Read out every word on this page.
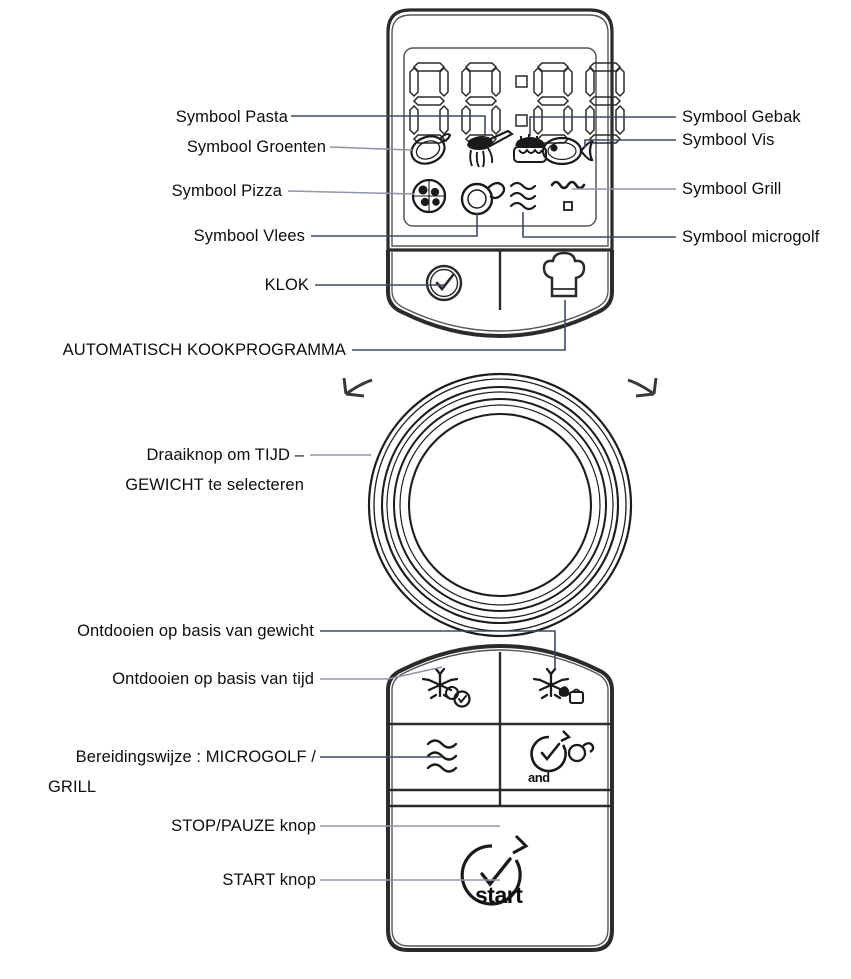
Symbool Pasta
Symbool Groenten
Symbool Pizza
Symbool Vlees
Symbool Gebak
Symbool Vis
Symbool Grill
Symbool microgolf
KLOK
AUTOMATISCH KOOKPROGRAMMA
Draaiknop om TIJD –
GEWICHT te selecteren
Ontdooien op basis van gewicht
Ontdooien op basis van tijd
Bereidingswijze : MICROGOLF /
GRILL
STOP/PAUZE knop
START knop
and
start
